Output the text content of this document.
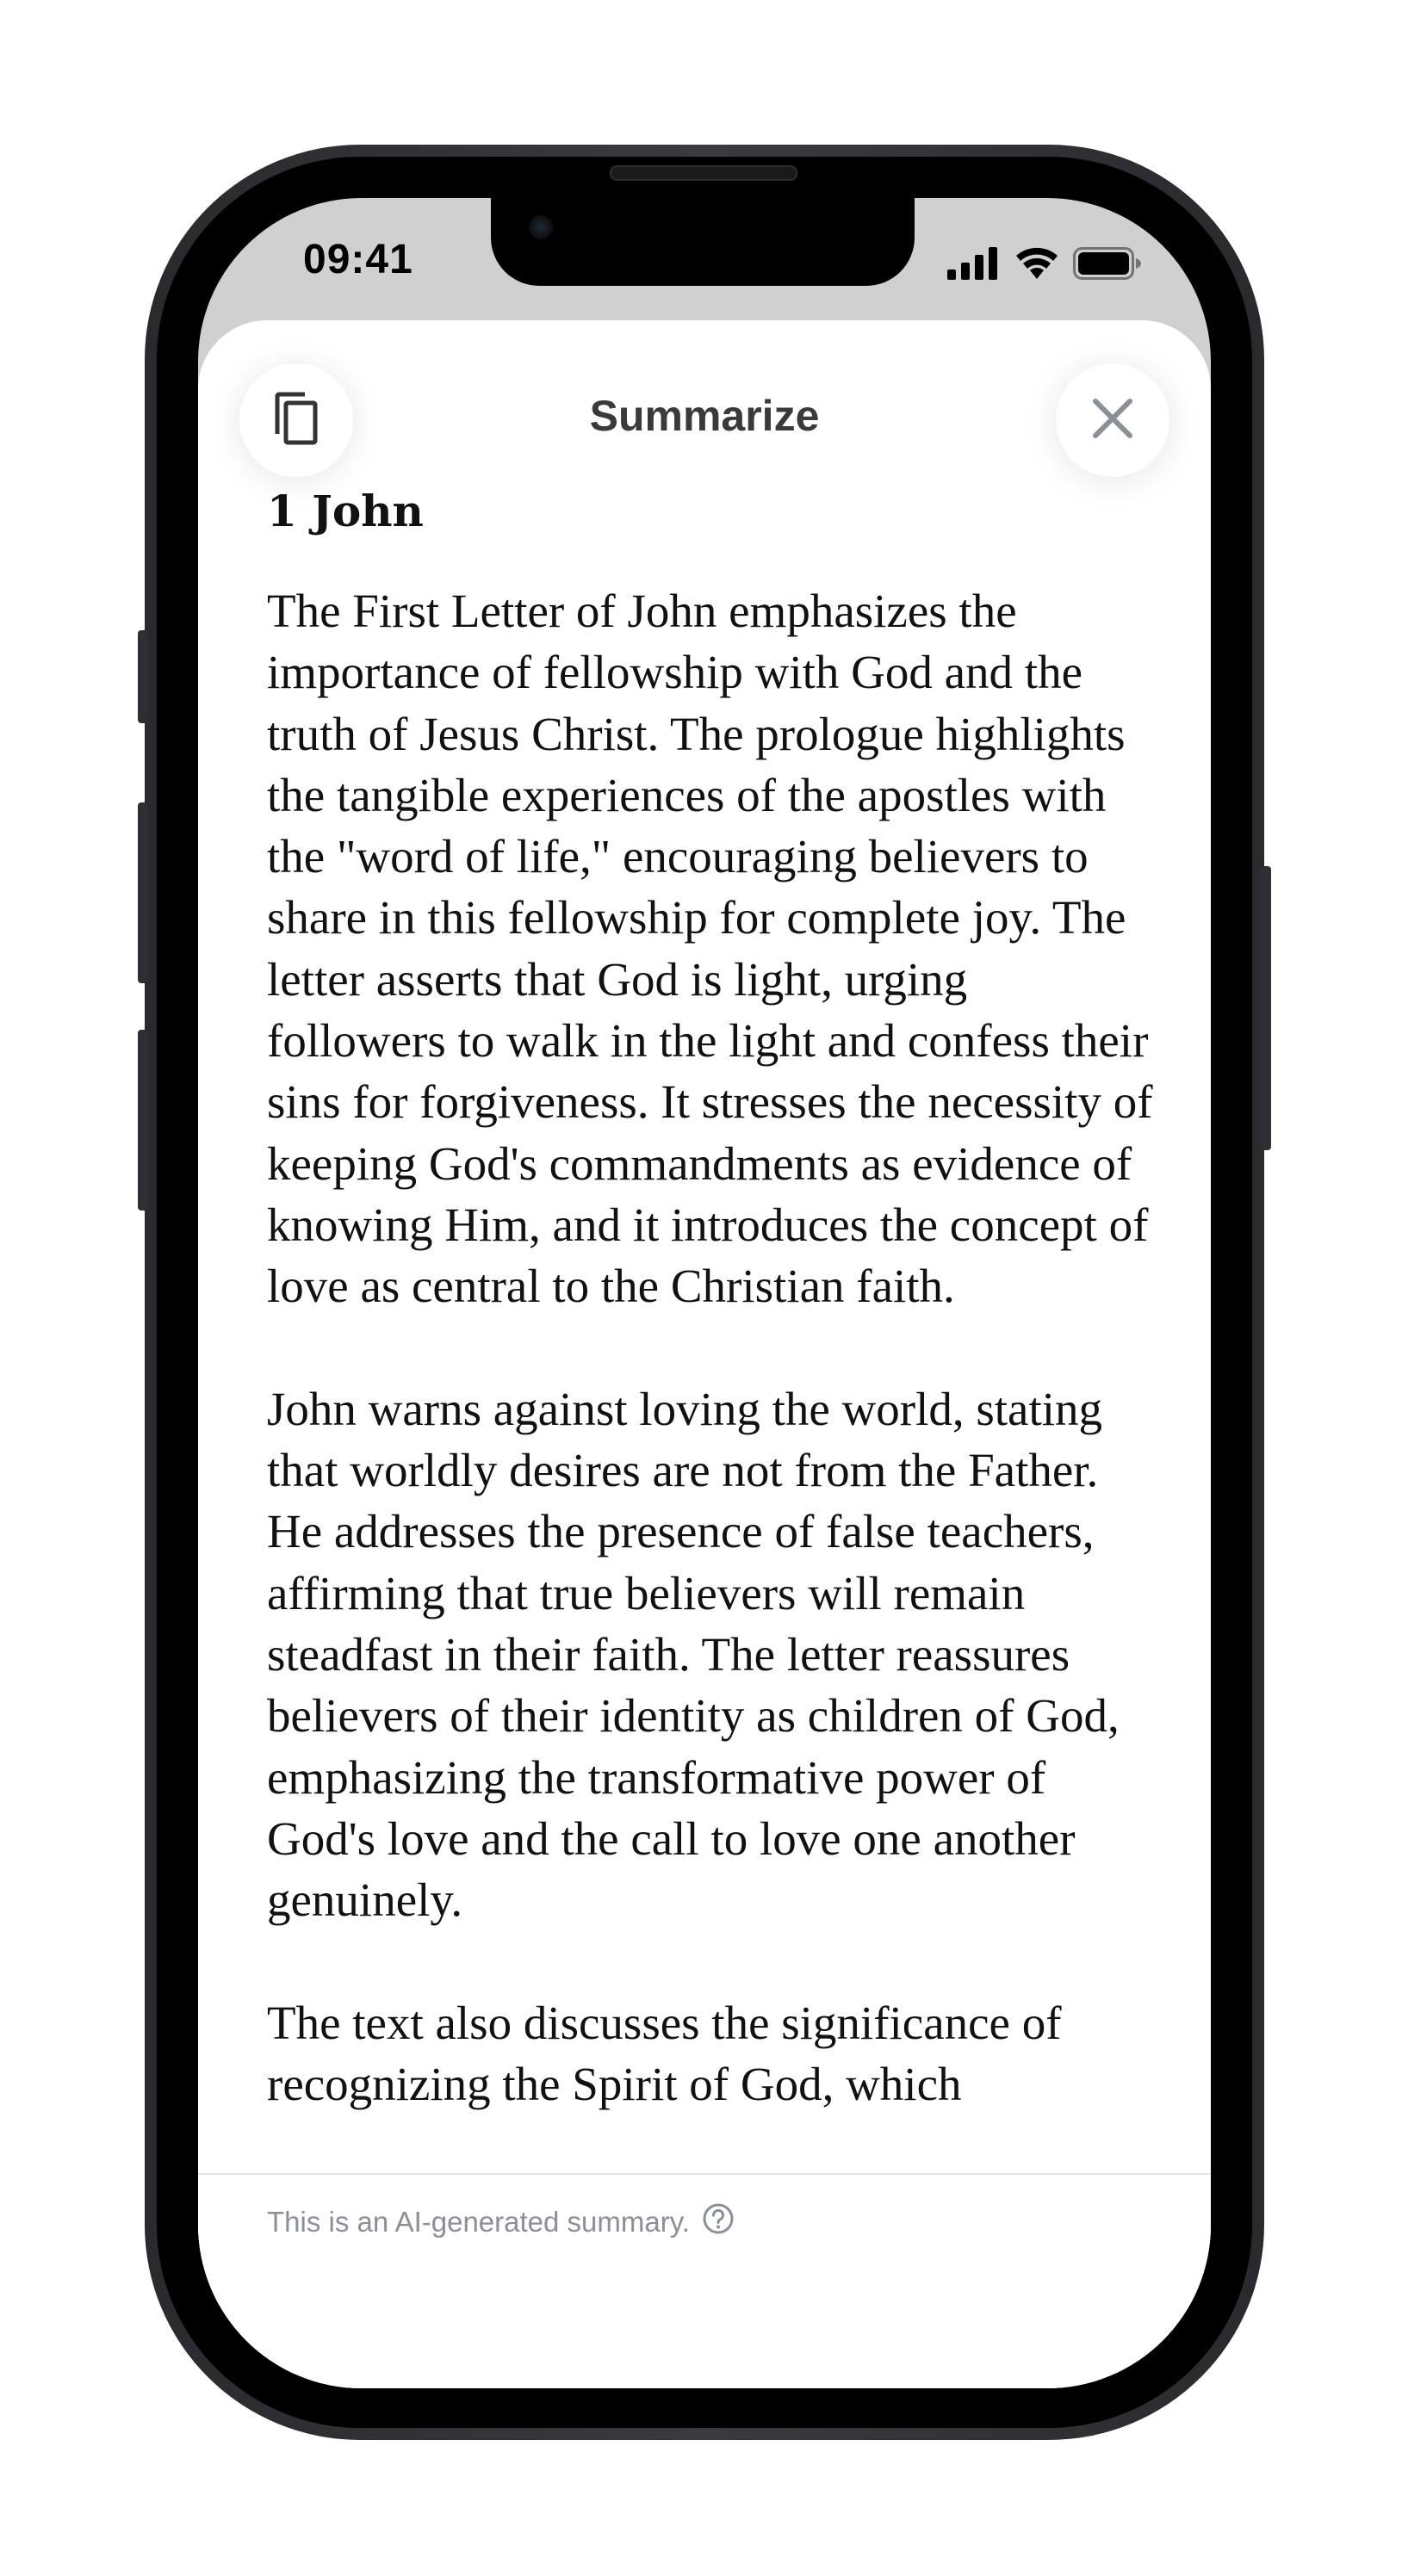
09:41
Summarize
1 John

The First Letter of John emphasizes the importance of fellowship with God and the truth of Jesus Christ. The prologue highlights the tangible experiences of the apostles with the "word of life," encouraging believers to share in this fellowship for complete joy. The letter asserts that God is light, urging followers to walk in the light and confess their sins for forgiveness. It stresses the necessity of keeping God's commandments as evidence of knowing Him, and it introduces the concept of love as central to the Christian faith.

John warns against loving the world, stating that worldly desires are not from the Father. He addresses the presence of false teachers, affirming that true believers will remain steadfast in their faith. The letter reassures believers of their identity as children of God, emphasizing the transformative power of God's love and the call to love one another genuinely.

The text also discusses the significance of recognizing the Spirit of God, which

This is an AI-generated summary.
